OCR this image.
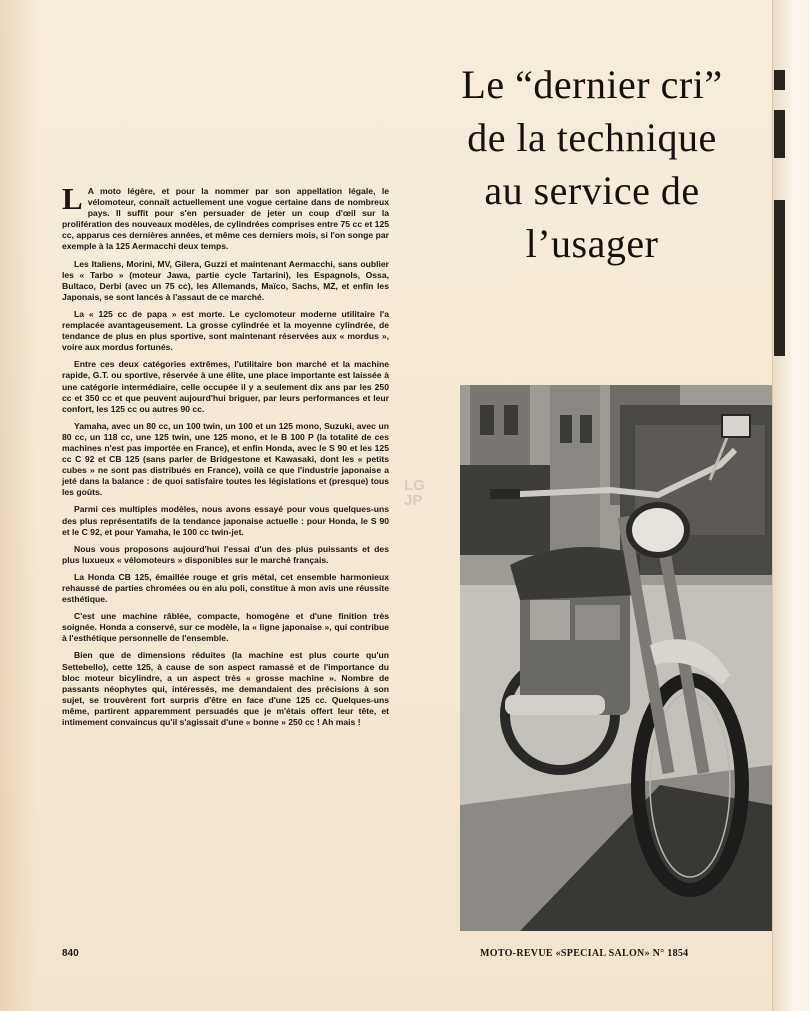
Le “dernier cri”
de la technique
au service de
l’usager

L A moto légère, et pour la nommer par son appellation légale, le vélomoteur, connaît actuellement une vogue certaine dans de nombreux pays. Il suffit pour s'en persuader de jeter un coup d'œil sur la prolifération des nouveaux modèles, de cylindrées comprises entre 75 cc et 125 cc, apparus ces dernières années, et même ces derniers mois, si l'on songe par exemple à la 125 Aermacchi deux temps.

Les Italiens, Morini, MV, Gilera, Guzzi et maintenant Aermacchi, sans oublier les « Tarbo » (moteur Jawa, partie cycle Tartarini), les Espagnols, Ossa, Bultaco, Derbi (avec un 75 cc), les Allemands, Maïco, Sachs, MZ, et enfin les Japonais, se sont lancés à l'assaut de ce marché.

La « 125 cc de papa » est morte. Le cyclomoteur moderne utilitaire l'a remplacée avantageusement. La grosse cylindrée et la moyenne cylindrée, de tendance de plus en plus sportive, sont maintenant réservées aux « mordus », voire aux mordus fortunés.

Entre ces deux catégories extrêmes, l'utilitaire bon marché et la machine rapide, G.T. ou sportive, réservée à une élite, une place importante est laissée à une catégorie intermédiaire, celle occupée il y a seulement dix ans par les 250 cc et 350 cc et que peuvent aujourd'hui briguer, par leurs performances et leur confort, les 125 cc ou autres 90 cc.

Yamaha, avec un 80 cc, un 100 twin, un 100 et un 125 mono, Suzuki, avec un 80 cc, un 118 cc, une 125 twin, une 125 mono, et le B 100 P (la totalité de ces machines n'est pas importée en France), et enfin Honda, avec le S 90 et les 125 cc C 92 et CB 125 (sans parler de Bridgestone et Kawasaki, dont les « petits cubes » ne sont pas distribués en France), voilà ce que l'industrie japonaise a jeté dans la balance : de quoi satisfaire toutes les législations et (presque) tous les goûts.

Parmi ces multiples modèles, nous avons essayé pour vous quelques-uns des plus représentatifs de la tendance japonaise actuelle : pour Honda, le S 90 et le C 92, et pour Yamaha, le 100 cc twin-jet.

Nous vous proposons aujourd'hui l'essai d'un des plus puissants et des plus luxueux « vélomoteurs » disponibles sur le marché français.

La Honda CB 125, émaillée rouge et gris métal, cet ensemble harmonieux rehaussé de parties chromées ou en alu poli, constitue à mon avis une réussite esthétique.

C'est une machine râblée, compacte, homogène et d'une finition très soignée. Honda a conservé, sur ce modèle, la « ligne japonaise », qui contribue à l'esthétique personnelle de l'ensemble.

Bien que de dimensions réduites (la machine est plus courte qu'un Settebello), cette 125, à cause de son aspect ramassé et de l'importance du bloc moteur bicylindre, a un aspect très « grosse machine ». Nombre de passants néophytes qui, intéressés, me demandaient des précisions à son sujet, se trouvèrent fort surpris d'être en face d'une 125 cc. Quelques-uns même, partirent apparemment persuadés que je m'étais offert leur tête, et intimement convaincus qu'il s'agissait d'une « bonne » 250 cc ! Ah mais !

LG
JP
840	MOTO-REVUE «SPECIAL SALON» N° 1854
